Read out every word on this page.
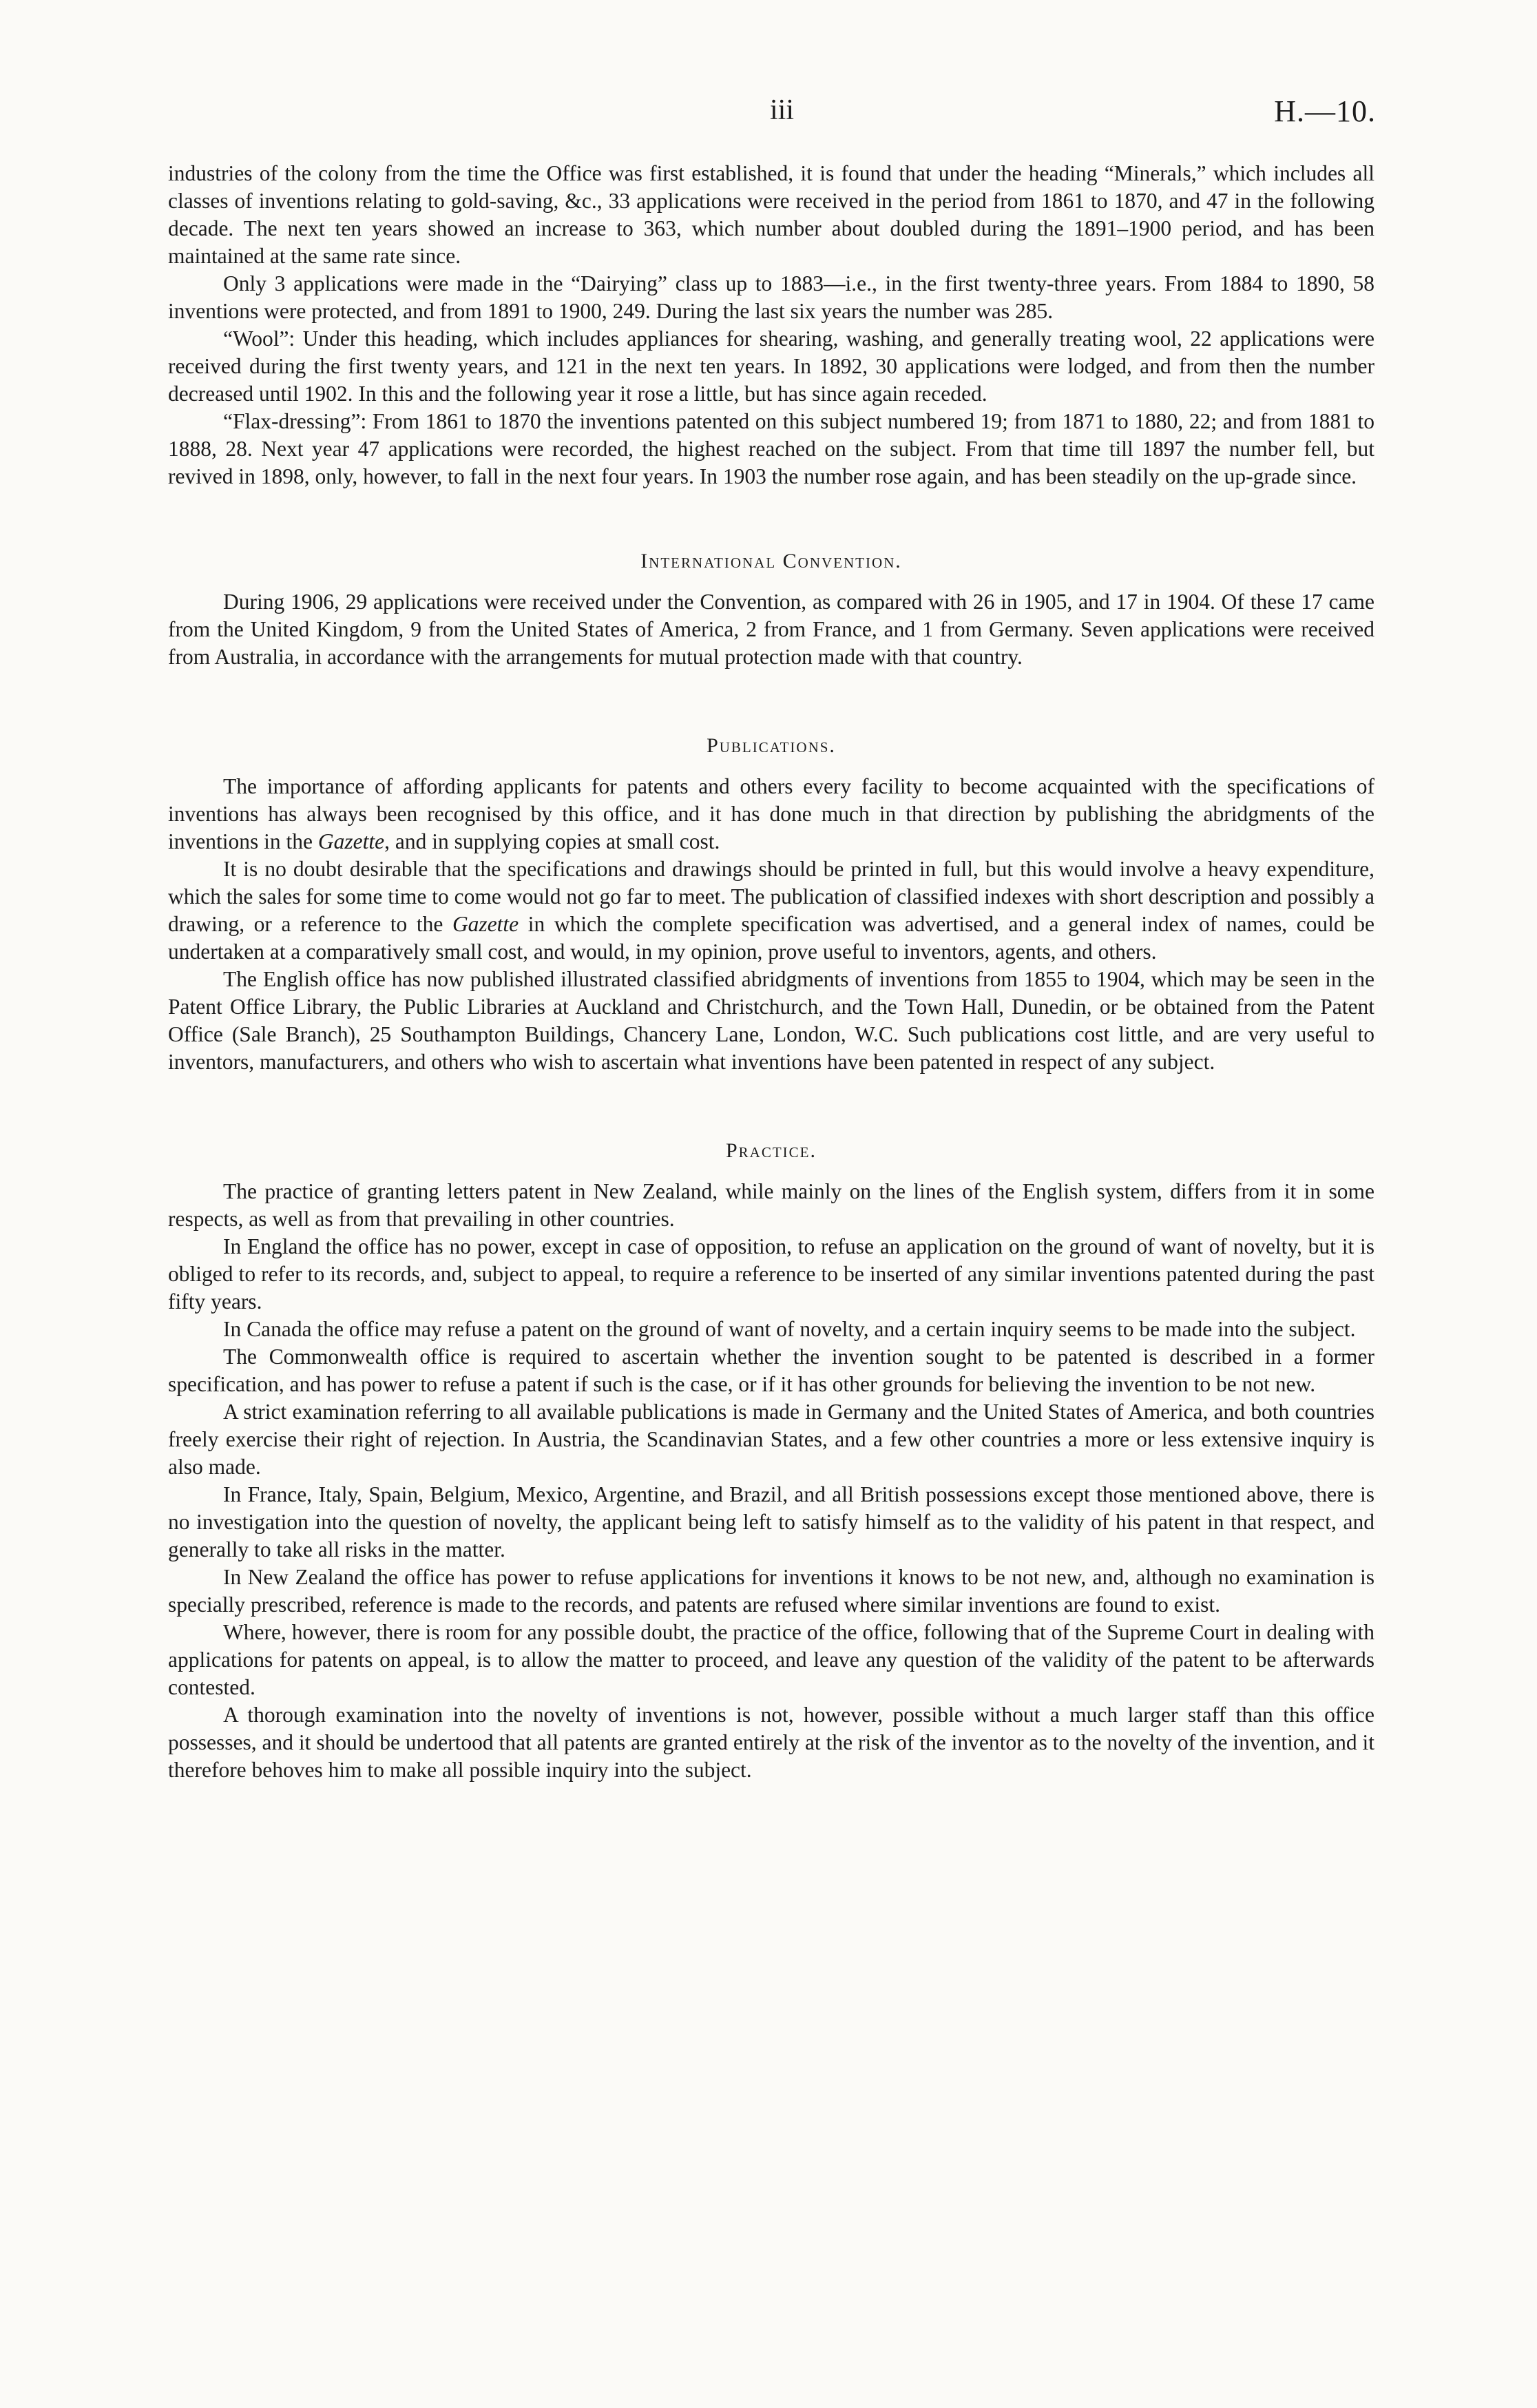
iii	H.—10.

industries of the colony from the time the Office was first established, it is found that under the heading “Minerals,” which includes all classes of inventions relating to gold-saving, &c., 33 applications were received in the period from 1861 to 1870, and 47 in the following decade. The next ten years showed an increase to 363, which number about doubled during the 1891–1900 period, and has been maintained at the same rate since.

Only 3 applications were made in the “Dairying” class up to 1883—i.e., in the first twenty-three years. From 1884 to 1890, 58 inventions were protected, and from 1891 to 1900, 249. During the last six years the number was 285.

“Wool”: Under this heading, which includes appliances for shearing, washing, and generally treating wool, 22 applications were received during the first twenty years, and 121 in the next ten years. In 1892, 30 applications were lodged, and from then the number decreased until 1902. In this and the following year it rose a little, but has since again receded.

“Flax-dressing”: From 1861 to 1870 the inventions patented on this subject numbered 19; from 1871 to 1880, 22; and from 1881 to 1888, 28. Next year 47 applications were recorded, the highest reached on the subject. From that time till 1897 the number fell, but revived in 1898, only, however, to fall in the next four years. In 1903 the number rose again, and has been steadily on the up-grade since.

International Convention.

During 1906, 29 applications were received under the Convention, as compared with 26 in 1905, and 17 in 1904. Of these 17 came from the United Kingdom, 9 from the United States of America, 2 from France, and 1 from Germany. Seven applications were received from Australia, in accordance with the arrangements for mutual protection made with that country.

Publications.

The importance of affording applicants for patents and others every facility to become acquainted with the specifications of inventions has always been recognised by this office, and it has done much in that direction by publishing the abridgments of the inventions in the Gazette, and in supplying copies at small cost.

It is no doubt desirable that the specifications and drawings should be printed in full, but this would involve a heavy expenditure, which the sales for some time to come would not go far to meet. The publication of classified indexes with short description and possibly a drawing, or a reference to the Gazette in which the complete specification was advertised, and a general index of names, could be undertaken at a comparatively small cost, and would, in my opinion, prove useful to inventors, agents, and others.

The English office has now published illustrated classified abridgments of inventions from 1855 to 1904, which may be seen in the Patent Office Library, the Public Libraries at Auckland and Christchurch, and the Town Hall, Dunedin, or be obtained from the Patent Office (Sale Branch), 25 Southampton Buildings, Chancery Lane, London, W.C. Such publications cost little, and are very useful to inventors, manufacturers, and others who wish to ascertain what inventions have been patented in respect of any subject.

Practice.

The practice of granting letters patent in New Zealand, while mainly on the lines of the English system, differs from it in some respects, as well as from that prevailing in other countries.

In England the office has no power, except in case of opposition, to refuse an application on the ground of want of novelty, but it is obliged to refer to its records, and, subject to appeal, to require a reference to be inserted of any similar inventions patented during the past fifty years.

In Canada the office may refuse a patent on the ground of want of novelty, and a certain inquiry seems to be made into the subject.

The Commonwealth office is required to ascertain whether the invention sought to be patented is described in a former specification, and has power to refuse a patent if such is the case, or if it has other grounds for believing the invention to be not new.

A strict examination referring to all available publications is made in Germany and the United States of America, and both countries freely exercise their right of rejection. In Austria, the Scandinavian States, and a few other countries a more or less extensive inquiry is also made.

In France, Italy, Spain, Belgium, Mexico, Argentine, and Brazil, and all British possessions except those mentioned above, there is no investigation into the question of novelty, the applicant being left to satisfy himself as to the validity of his patent in that respect, and generally to take all risks in the matter.

In New Zealand the office has power to refuse applications for inventions it knows to be not new, and, although no examination is specially prescribed, reference is made to the records, and patents are refused where similar inventions are found to exist.

Where, however, there is room for any possible doubt, the practice of the office, following that of the Supreme Court in dealing with applications for patents on appeal, is to allow the matter to proceed, and leave any question of the validity of the patent to be afterwards contested.

A thorough examination into the novelty of inventions is not, however, possible without a much larger staff than this office possesses, and it should be undertood that all patents are granted entirely at the risk of the inventor as to the novelty of the invention, and it therefore behoves him to make all possible inquiry into the subject.
